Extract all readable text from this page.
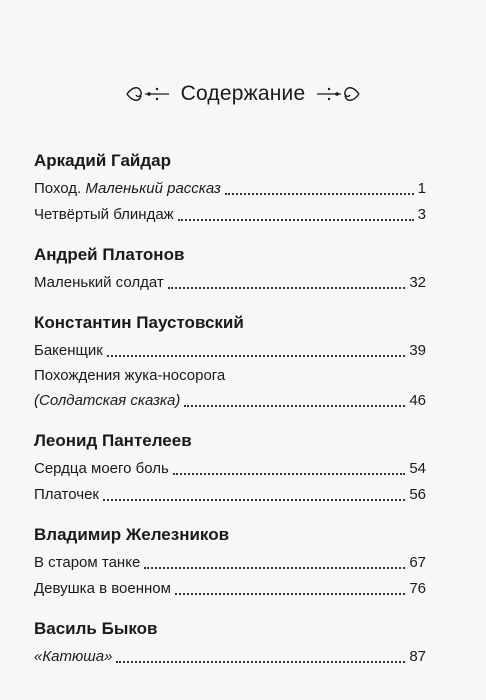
Содержание
Аркадий Гайдар
Поход. Маленький рассказ	1
Четвёртый блиндаж	3
Андрей Платонов
Маленький солдат	32
Константин Паустовский
Бакенщик	39
Похождения жука-носорога
(Солдатская сказка)	46
Леонид Пантелеев
Сердца моего боль	54
Платочек	56
Владимир Железников
В старом танке	67
Девушка в военном	76
Василь Быков
«Катюша»	87
